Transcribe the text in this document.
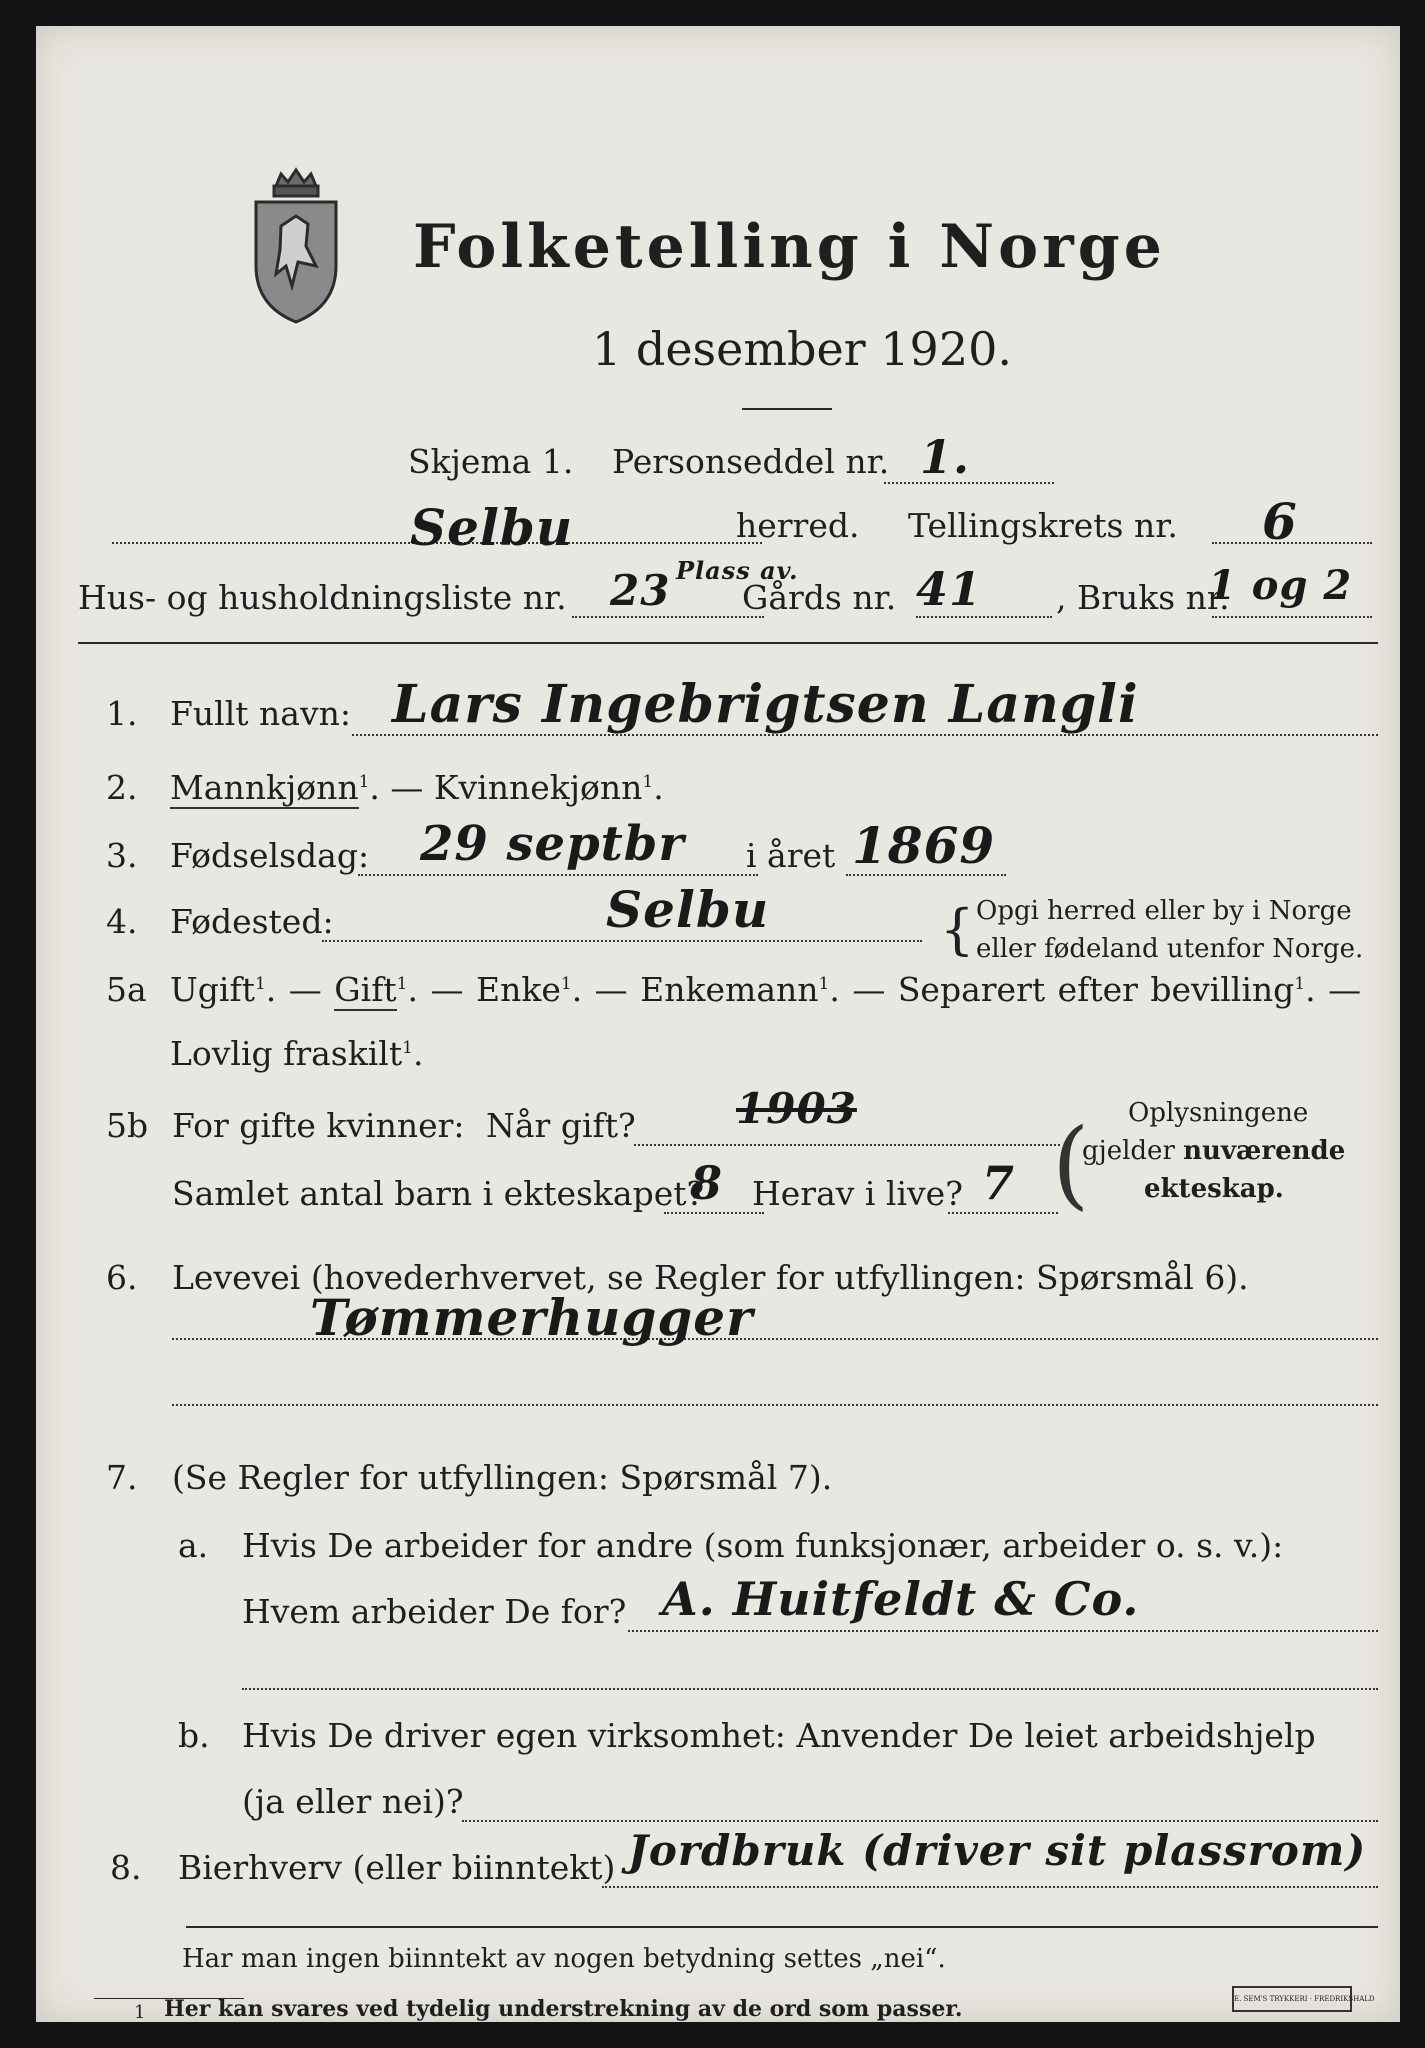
Folketelling i Norge
1 desember 1920.
Skjema 1. Personseddel nr. 1.
Selbu	herred. Tellingskrets nr. 6
Hus- og husholdningsliste nr. 23 Plass av.
Gårds nr. 41 , Bruks nr.
1 og 2
1. Fullt navn: Lars Ingebrigtsen Langli
2. Mannkjønn$^1$. — Kvinnekjønn$^1$.
3. Fødselsdag: 29 septbr i året 1869
4. Fødested:	Selbu	{ Opgi herred eller by i Norge
eller fødeland utenfor Norge.
5a Ugift$^1$. — Gift$^1$. — Enke$^1$. — Enkemann$^1$. — Separert efter bevilling$^1$. —
Lovlig fraskilt$^1$.
5b For gifte kvinner: Når gift? 1903
Samlet antal barn i ekteskapet?
8 Herav i live? 7 ( Oplysningene
gjelder nuværende
ekteskap.
6. Levevei (hovederhvervet, se Regler for utfyllingen: Spørsmål 6).
Tømmerhugger
7. (Se Regler for utfyllingen: Spørsmål 7).
a. Hvis De arbeider for andre (som funksjonær, arbeider o. s. v.):
Hvem arbeider De for? A. Huitfeldt & Co.
b. Hvis De driver egen virksomhet: Anvender De leiet arbeidshjelp
(ja eller nei)?
8. Bierhverv (eller biinntekt) Jordbruk (driver sit plassrom)
Har man ingen biinntekt av nogen betydning settes „nei“.
1 Her kan svares ved tydelig understrekning av de ord som passer.	E. SEM'S TRYKKERI · FREDRIKSHALD
